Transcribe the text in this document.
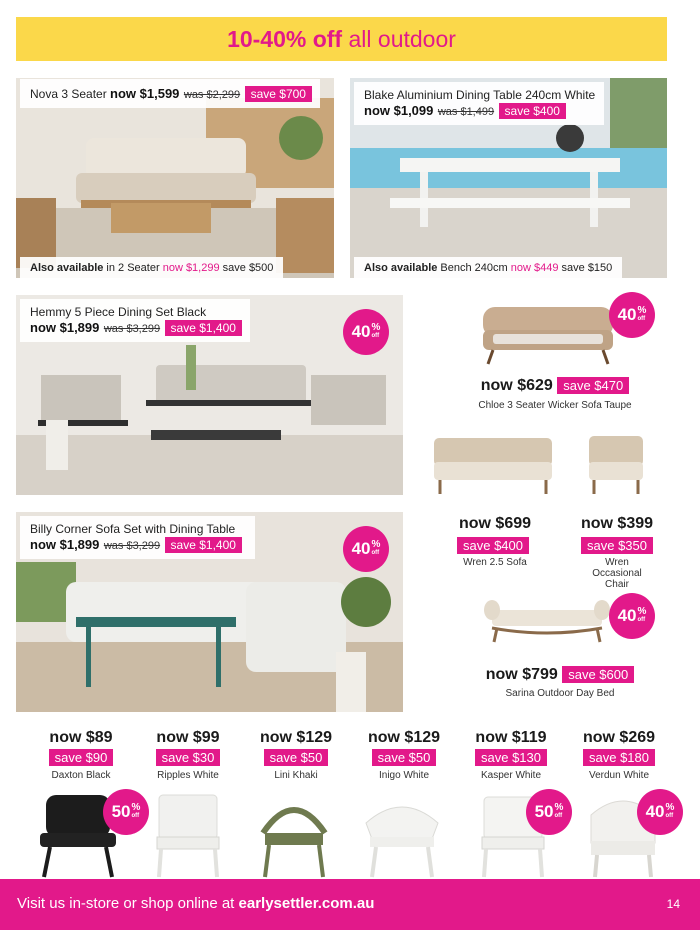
10-40% off all outdoor
Nova 3 Seater now $1,599 was $2,299 save $700
Also available in 2 Seater now $1,299 save $500
Blake Aluminium Dining Table 240cm White
now $1,099 was $1,499 save $400
Also available Bench 240cm now $449 save $150
Hemmy 5 Piece Dining Set Black
now $1,899 was $3,299 save $1,400	40 %
off
Billy Corner Sofa Set with Dining Table
now $1,899 was $3,299 save $1,400	40 %
off
40 %
off
now $629 save $470
Chloe 3 Seater Wicker Sofa Taupe
now $699
save $400
Wren 2.5 Sofa
now $399
save $350
Wren Occasional Chair
40 %
off
now $799 save $600
Sarina Outdoor Day Bed
now $89
save $90
Daxton Black
now $99
save $30
Ripples White
now $129
save $50
Lini Khaki
now $129
save $50
Inigo White
now $119
save $130
Kasper White
now $269
save $180
Verdun White
50 %
off	50 %
off	40 %
off
Visit us in-store or shop online at earlysettler.com.au	14
